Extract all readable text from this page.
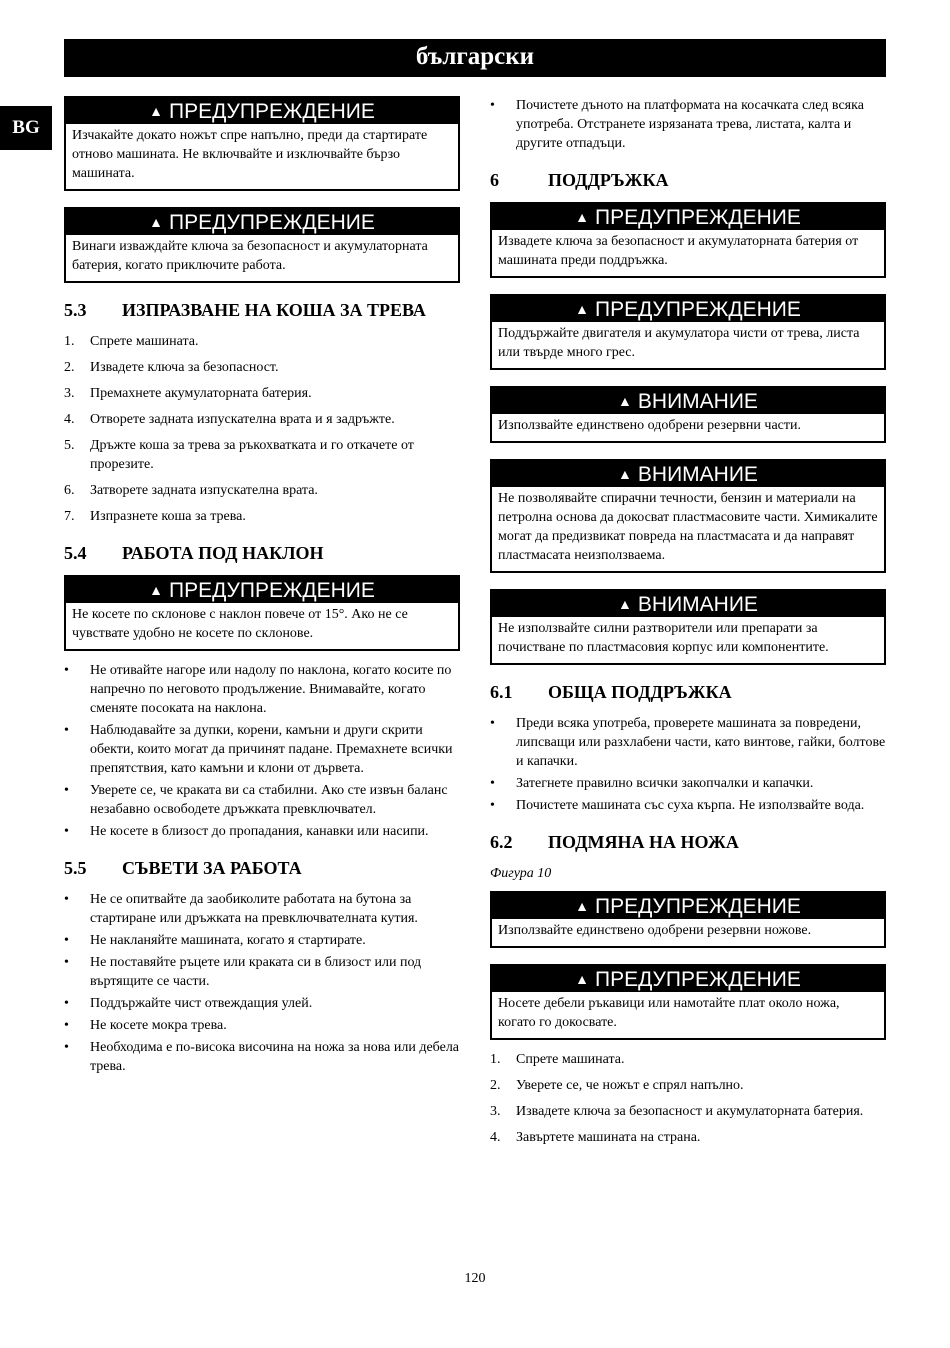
български
BG
▲ ПРЕДУПРЕЖДЕНИЕ
Изчакайте докато ножът спре напълно, преди да стартирате отново машината. Не включвайте и изключвайте бързо машината.
▲ ПРЕДУПРЕЖДЕНИЕ
Винаги изваждайте ключа за безопасност и акумулаторната батерия, когато приключите работа.
5.3	ИЗПРАЗВАНЕ НА КОША ЗА ТРЕВА
1.	Спрете машината.
2.	Извадете ключа за безопасност.
3.	Премахнете акумулаторната батерия.
4.	Отворете задната изпускателна врата и я задръжте.
5.	Дръжте коша за трева за ръкохватката и го откачете от прорезите.
6.	Затворете задната изпускателна врата.
7.	Изпразнете коша за трева.
5.4	РАБОТА ПОД НАКЛОН
▲ ПРЕДУПРЕЖДЕНИЕ
Не косете по склонове с наклон повече от 15°. Ако не се чувствате удобно не косете по склонове.
•	Не отивайте нагоре или надолу по наклона, когато косите по напречно по неговото продължение. Внимавайте, когато сменяте посоката на наклона.
•	Наблюдавайте за дупки, корени, камъни и други скрити обекти, които могат да причинят падане. Премахнете всички препятствия, като камъни и клони от дървета.
•	Уверете се, че краката ви са стабилни. Ако сте извън баланс незабавно освободете дръжката превключвател.
•	Не косете в близост до пропадания, канавки или насипи.
5.5	СЪВЕТИ ЗА РАБОТА
•	Не се опитвайте да заобиколите работата на бутона за стартиране или дръжката на превключвателната кутия.
•	Не накланяйте машината, когато я стартирате.
•	Не поставяйте ръцете или краката си в близост или под въртящите се части.
•	Поддържайте чист отвеждащия улей.
•	Не косете мокра трева.
•	Необходима е по-висока височина на ножа за нова или дебела трева.
•	Почистете дъното на платформата на косачката след всяка употреба. Отстранете изрязаната трева, листата, калта и другите отпадъци.
6	ПОДДРЪЖКА
▲ ПРЕДУПРЕЖДЕНИЕ
Извадете ключа за безопасност и акумулаторната батерия от машината преди поддръжка.
▲ ПРЕДУПРЕЖДЕНИЕ
Поддържайте двигателя и акумулатора чисти от трева, листа или твърде много грес.
▲ ВНИМАНИЕ
Използвайте единствено одобрени резервни части.
▲ ВНИМАНИЕ
Не позволявайте спирачни течности, бензин и материали на петролна основа да докосват пластмасовите части. Химикалите могат да предизвикат повреда на пластмасата и да направят пластмасата неизползваема.
▲ ВНИМАНИЕ
Не използвайте силни разтворители или препарати за почистване по пластмасовия корпус или компонентите.
6.1	ОБЩА ПОДДРЪЖКА
•	Преди всяка употреба, проверете машината за повредени, липсващи или разхлабени части, като винтове, гайки, болтове и капачки.
•	Затегнете правилно всички закопчалки и капачки.
•	Почистете машината със суха кърпа. Не използвайте вода.
6.2	ПОДМЯНА НА НОЖА
Фигура 10
▲ ПРЕДУПРЕЖДЕНИЕ
Използвайте единствено одобрени резервни ножове.
▲ ПРЕДУПРЕЖДЕНИЕ
Носете дебели ръкавици или намотайте плат около ножа, когато го докосвате.
1.	Спрете машината.
2.	Уверете се, че ножът е спрял напълно.
3.	Извадете ключа за безопасност и акумулаторната батерия.
4.	Завъртете машината на страна.
120
